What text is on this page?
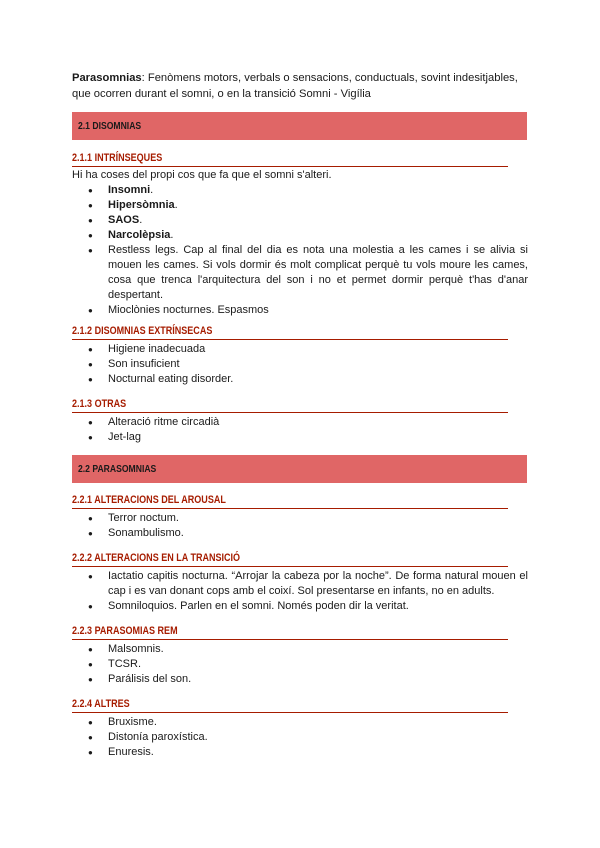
Parasomnias: Fenòmens motors, verbals o sensacions, conductuals, sovint indesitjables, que ocorren durant el somni, o en la transició Somni - Vigília
2.1 DISOMNIAS
2.1.1 INTRÍNSEQUES
Hi ha coses del propi cos que fa que el somni s'alteri.
● Insomni.
● Hipersòmnia.
● SAOS.
● Narcolèpsia.
● Restless legs. Cap al final del dia es nota una molestia a les cames i se alivia si mouen les cames. Si vols dormir és molt complicat perquè tu vols moure les cames, cosa que trenca l'arquitectura del son i no et permet dormir perquè t'has d'anar despertant.
● Mioclònies nocturnes. Espasmos
2.1.2 DISOMNIAS EXTRÍNSECAS
● Higiene inadecuada
● Son insuficient
● Nocturnal eating disorder.
2.1.3 OTRAS
● Alteració ritme circadià
● Jet-lag
2.2 PARASOMNIAS
2.2.1 ALTERACIONS DEL AROUSAL
● Terror noctum.
● Sonambulismo.
2.2.2 ALTERACIONS EN LA TRANSICIÓ
● Iactatio capitis nocturna. “Arrojar la cabeza por la noche”. De forma natural mouen el cap i es van donant cops amb el coixí. Sol presentarse en infants, no en adults.
● Somniloquios. Parlen en el somni. Només poden dir la veritat.
2.2.3 PARASOMIAS REM
● Malsomnis.
● TCSR.
● Parálisis del son.
2.2.4 ALTRES
● Bruxisme.
● Distonía paroxística.
● Enuresis.
